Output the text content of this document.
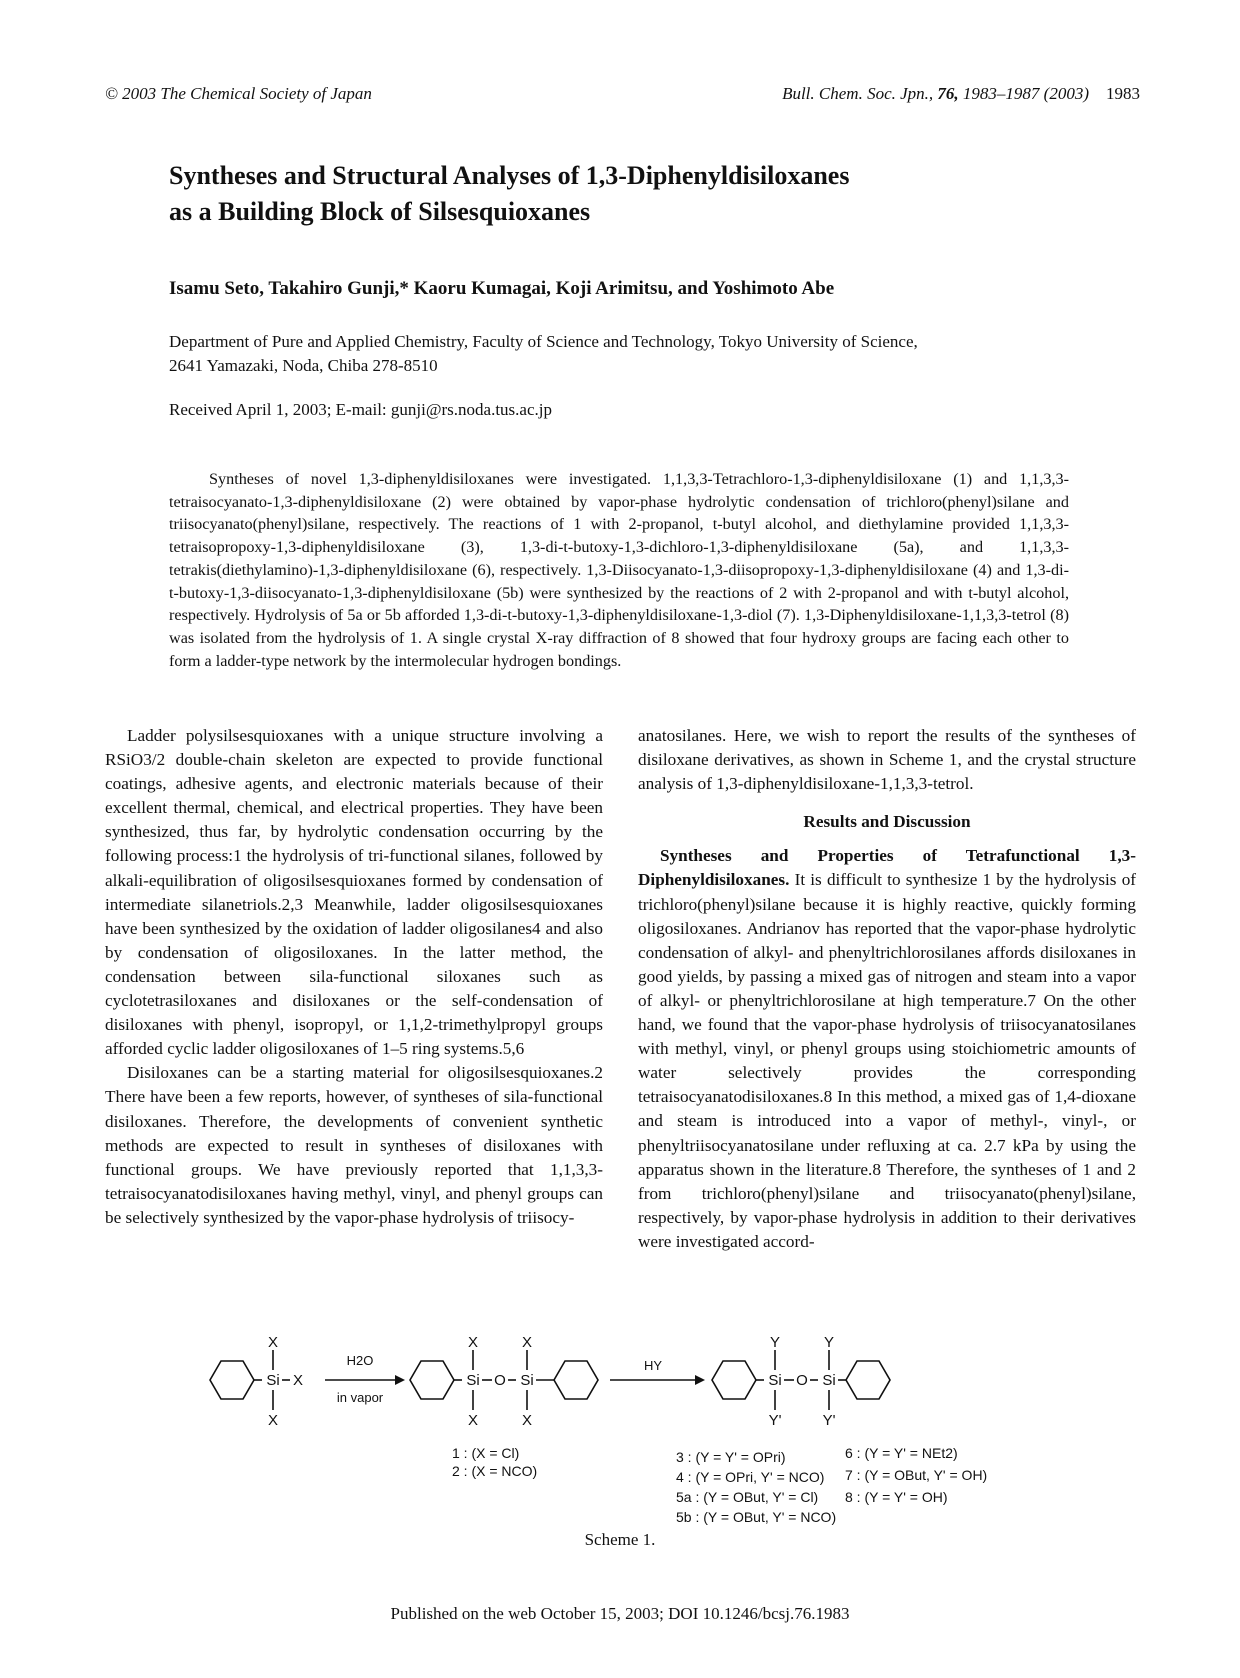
© 2003 The Chemical Society of Japan	Bull. Chem. Soc. Jpn., 76, 1983–1987 (2003) 1983
Syntheses and Structural Analyses of 1,3-Diphenyldisiloxanes
as a Building Block of Silsesquioxanes
Isamu Seto, Takahiro Gunji,* Kaoru Kumagai, Koji Arimitsu, and Yoshimoto Abe
Department of Pure and Applied Chemistry, Faculty of Science and Technology, Tokyo University of Science,
2641 Yamazaki, Noda, Chiba 278-8510
Received April 1, 2003; E-mail: gunji@rs.noda.tus.ac.jp
Syntheses of novel 1,3-diphenyldisiloxanes were investigated. 1,1,3,3-Tetrachloro-1,3-diphenyldisiloxane (1) and 1,1,3,3-tetraisocyanato-1,3-diphenyldisiloxane (2) were obtained by vapor-phase hydrolytic condensation of trichloro(phenyl)silane and triisocyanato(phenyl)silane, respectively. The reactions of 1 with 2-propanol, t-butyl alcohol, and diethylamine provided 1,1,3,3-tetraisopropoxy-1,3-diphenyldisiloxane (3), 1,3-di-t-butoxy-1,3-dichloro-1,3-diphenyldisiloxane (5a), and 1,1,3,3-tetrakis(diethylamino)-1,3-diphenyldisiloxane (6), respectively. 1,3-Diisocyanato-1,3-diisopropoxy-1,3-diphenyldisiloxane (4) and 1,3-di-t-butoxy-1,3-diisocyanato-1,3-diphenyldisiloxane (5b) were synthesized by the reactions of 2 with 2-propanol and with t-butyl alcohol, respectively. Hydrolysis of 5a or 5b afforded 1,3-di-t-butoxy-1,3-diphenyldisiloxane-1,3-diol (7). 1,3-Diphenyldisiloxane-1,1,3,3-tetrol (8) was isolated from the hydrolysis of 1. A single crystal X-ray diffraction of 8 showed that four hydroxy groups are facing each other to form a ladder-type network by the intermolecular hydrogen bondings.

Ladder polysilsesquioxanes with a unique structure involving a RSiO3/2 double-chain skeleton are expected to provide functional coatings, adhesive agents, and electronic materials because of their excellent thermal, chemical, and electrical properties. They have been synthesized, thus far, by hydrolytic condensation occurring by the following process:1 the hydrolysis of tri-functional silanes, followed by alkali-equilibration of oligosilsesquioxanes formed by condensation of intermediate silanetriols.2,3 Meanwhile, ladder oligosilsesquioxanes have been synthesized by the oxidation of ladder oligosilanes4 and also by condensation of oligosiloxanes. In the latter method, the condensation between sila-functional siloxanes such as cyclotetrasiloxanes and disiloxanes or the self-condensation of disiloxanes with phenyl, isopropyl, or 1,1,2-trimethylpropyl groups afforded cyclic ladder oligosiloxanes of 1–5 ring systems.5,6

Disiloxanes can be a starting material for oligosilsesquioxanes.2 There have been a few reports, however, of syntheses of sila-functional disiloxanes. Therefore, the developments of convenient synthetic methods are expected to result in syntheses of disiloxanes with functional groups. We have previously reported that 1,1,3,3-tetraisocyanatodisiloxanes having methyl, vinyl, and phenyl groups can be selectively synthesized by the vapor-phase hydrolysis of triisocy-

anatosilanes. Here, we wish to report the results of the syntheses of disiloxane derivatives, as shown in Scheme 1, and the crystal structure analysis of 1,3-diphenyldisiloxane-1,1,3,3-tetrol.

Results and Discussion

Syntheses and Properties of Tetrafunctional 1,3-Diphenyldisiloxanes. It is difficult to synthesize 1 by the hydrolysis of trichloro(phenyl)silane because it is highly reactive, quickly forming oligosiloxanes. Andrianov has reported that the vapor-phase hydrolytic condensation of alkyl- and phenyltrichlorosilanes affords disiloxanes in good yields, by passing a mixed gas of nitrogen and steam into a vapor of alkyl- or phenyltrichlorosilane at high temperature.7 On the other hand, we found that the vapor-phase hydrolysis of triisocyanatosilanes with methyl, vinyl, or phenyl groups using stoichiometric amounts of water selectively provides the corresponding tetraisocyanatodisiloxanes.8 In this method, a mixed gas of 1,4-dioxane and steam is introduced into a vapor of methyl-, vinyl-, or phenyltriisocyanatosilane under refluxing at ca. 2.7 kPa by using the apparatus shown in the literature.8 Therefore, the syntheses of 1 and 2 from trichloro(phenyl)silane and triisocyanato(phenyl)silane, respectively, by vapor-phase hydrolysis in addition to their derivatives were investigated accord-

X
Si X
X
H2O
in vapor
X
Si O Si
X
X	X
HY
Y
Si O Si
Y
Y'	Y'
1 : (X = Cl)
2 : (X = NCO)
3 : (Y = Y' = OPri)
4 : (Y = OPri, Y' = NCO)
5a : (Y = OBut, Y' = Cl)
5b : (Y = OBut, Y' = NCO)
6 : (Y = Y' = NEt2)
7 : (Y = OBut, Y' = OH)
8 : (Y = Y' = OH)
Scheme 1.
Published on the web October 15, 2003; DOI 10.1246/bcsj.76.1983
